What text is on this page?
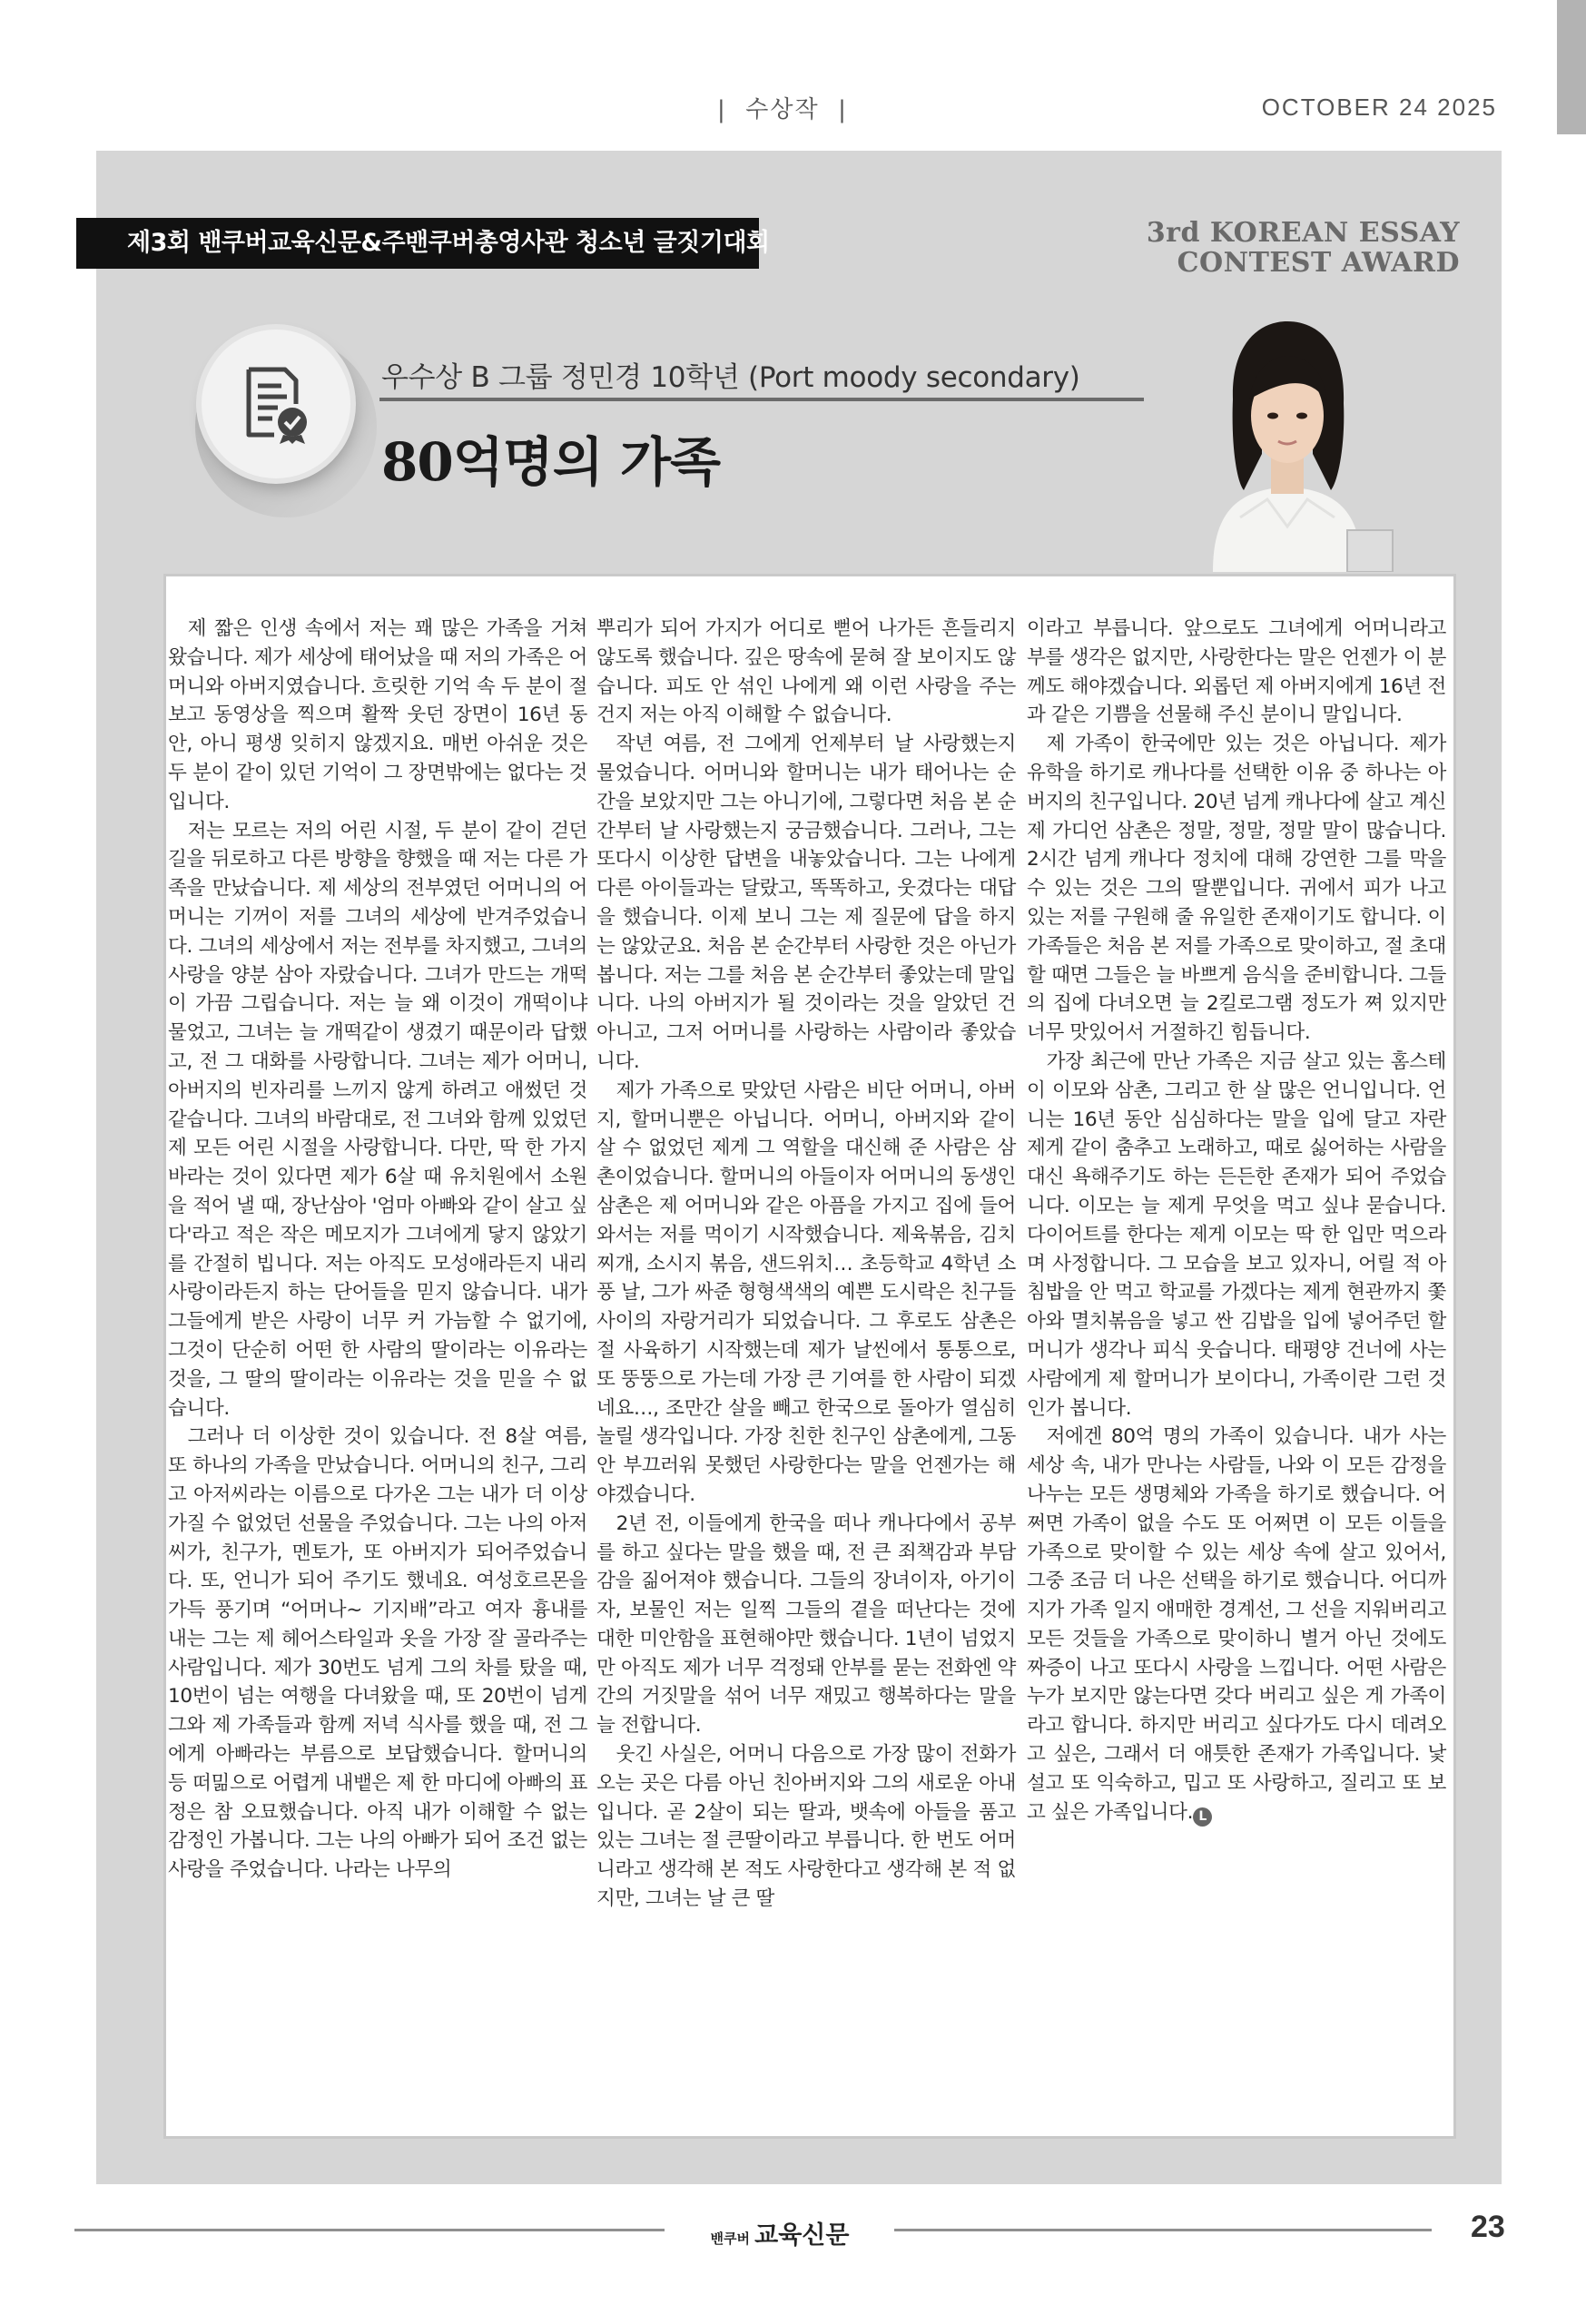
|  수상작  |	OCTOBER 24 2025
제3회 밴쿠버교육신문&주밴쿠버총영사관 청소년 글짓기대회	3rd KOREAN ESSAY
CONTEST AWARD
우수상 B 그룹 정민경 10학년 (Port moody secondary)
80억명의 가족

제 짧은 인생 속에서 저는 꽤 많은 가족을 거쳐왔습니다. 제가 세상에 태어났을 때 저의 가족은 어머니와 아버지였습니다. 흐릿한 기억 속 두 분이 절 보고 동영상을 찍으며 활짝 웃던 장면이 16년 동안, 아니 평생 잊히지 않겠지요. 매번 아쉬운 것은 두 분이 같이 있던 기억이 그 장면밖에는 없다는 것입니다.

저는 모르는 저의 어린 시절, 두 분이 같이 걷던 길을 뒤로하고 다른 방향을 향했을 때 저는 다른 가족을 만났습니다. 제 세상의 전부였던 어머니의 어머니는 기꺼이 저를 그녀의 세상에 반겨주었습니다. 그녀의 세상에서 저는 전부를 차지했고, 그녀의 사랑을 양분 삼아 자랐습니다. 그녀가 만드는 개떡이 가끔 그립습니다. 저는 늘 왜 이것이 개떡이냐 물었고, 그녀는 늘 개떡같이 생겼기 때문이라 답했고, 전 그 대화를 사랑합니다. 그녀는 제가 어머니, 아버지의 빈자리를 느끼지 않게 하려고 애썼던 것 같습니다. 그녀의 바람대로, 전 그녀와 함께 있었던 제 모든 어린 시절을 사랑합니다. 다만, 딱 한 가지 바라는 것이 있다면 제가 6살 때 유치원에서 소원을 적어 낼 때, 장난삼아 '엄마 아빠와 같이 살고 싶다'라고 적은 작은 메모지가 그녀에게 닿지 않았기를 간절히 빕니다. 저는 아직도 모성애라든지 내리사랑이라든지 하는 단어들을 믿지 않습니다. 내가 그들에게 받은 사랑이 너무 커 가늠할 수 없기에, 그것이 단순히 어떤 한 사람의 딸이라는 이유라는 것을, 그 딸의 딸이라는 이유라는 것을 믿을 수 없습니다.

그러나 더 이상한 것이 있습니다. 전 8살 여름, 또 하나의 가족을 만났습니다. 어머니의 친구, 그리고 아저씨라는 이름으로 다가온 그는 내가 더 이상 가질 수 없었던 선물을 주었습니다. 그는 나의 아저씨가, 친구가, 멘토가, 또 아버지가 되어주었습니다. 또, 언니가 되어 주기도 했네요. 여성호르몬을 가득 풍기며 “어머나~ 기지배”라고 여자 흉내를 내는 그는 제 헤어스타일과 옷을 가장 잘 골라주는 사람입니다. 제가 30번도 넘게 그의 차를 탔을 때, 10번이 넘는 여행을 다녀왔을 때, 또 20번이 넘게 그와 제 가족들과 함께 저녁 식사를 했을 때, 전 그에게 아빠라는 부름으로 보답했습니다. 할머니의 등 떠밂으로 어렵게 내뱉은 제 한 마디에 아빠의 표정은 참 오묘했습니다. 아직 내가 이해할 수 없는 감정인 가봅니다. 그는 나의 아빠가 되어 조건 없는 사랑을 주었습니다. 나라는 나무의

뿌리가 되어 가지가 어디로 뻗어 나가든 흔들리지 않도록 했습니다. 깊은 땅속에 묻혀 잘 보이지도 않습니다. 피도 안 섞인 나에게 왜 이런 사랑을 주는 건지 저는 아직 이해할 수 없습니다.

작년 여름, 전 그에게 언제부터 날 사랑했는지 물었습니다. 어머니와 할머니는 내가 태어나는 순간을 보았지만 그는 아니기에, 그렇다면 처음 본 순간부터 날 사랑했는지 궁금했습니다. 그러나, 그는 또다시 이상한 답변을 내놓았습니다. 그는 나에게 다른 아이들과는 달랐고, 똑똑하고, 웃겼다는 대답을 했습니다. 이제 보니 그는 제 질문에 답을 하지는 않았군요. 처음 본 순간부터 사랑한 것은 아닌가 봅니다. 저는 그를 처음 본 순간부터 좋았는데 말입니다. 나의 아버지가 될 것이라는 것을 알았던 건 아니고, 그저 어머니를 사랑하는 사람이라 좋았습니다.

제가 가족으로 맞았던 사람은 비단 어머니, 아버지, 할머니뿐은 아닙니다. 어머니, 아버지와 같이 살 수 없었던 제게 그 역할을 대신해 준 사람은 삼촌이었습니다. 할머니의 아들이자 어머니의 동생인 삼촌은 제 어머니와 같은 아픔을 가지고 집에 들어와서는 저를 먹이기 시작했습니다. 제육볶음, 김치찌개, 소시지 볶음, 샌드위치… 초등학교 4학년 소풍 날, 그가 싸준 형형색색의 예쁜 도시락은 친구들 사이의 자랑거리가 되었습니다. 그 후로도 삼촌은 절 사육하기 시작했는데 제가 날씬에서 통통으로, 또 뚱뚱으로 가는데 가장 큰 기여를 한 사람이 되겠네요…, 조만간 살을 빼고 한국으로 돌아가 열심히 놀릴 생각입니다. 가장 친한 친구인 삼촌에게, 그동안 부끄러워 못했던 사랑한다는 말을 언젠가는 해야겠습니다.

2년 전, 이들에게 한국을 떠나 캐나다에서 공부를 하고 싶다는 말을 했을 때, 전 큰 죄책감과 부담감을 짊어져야 했습니다. 그들의 장녀이자, 아기이자, 보물인 저는 일찍 그들의 곁을 떠난다는 것에 대한 미안함을 표현해야만 했습니다. 1년이 넘었지만 아직도 제가 너무 걱정돼 안부를 묻는 전화엔 약간의 거짓말을 섞어 너무 재밌고 행복하다는 말을 늘 전합니다.

웃긴 사실은, 어머니 다음으로 가장 많이 전화가 오는 곳은 다름 아닌 친아버지와 그의 새로운 아내입니다. 곧 2살이 되는 딸과, 뱃속에 아들을 품고 있는 그녀는 절 큰딸이라고 부릅니다. 한 번도 어머니라고 생각해 본 적도 사랑한다고 생각해 본 적 없지만, 그녀는 날 큰 딸

이라고 부릅니다. 앞으로도 그녀에게 어머니라고 부를 생각은 없지만, 사랑한다는 말은 언젠가 이 분께도 해야겠습니다. 외롭던 제 아버지에게 16년 전과 같은 기쁨을 선물해 주신 분이니 말입니다.

제 가족이 한국에만 있는 것은 아닙니다. 제가 유학을 하기로 캐나다를 선택한 이유 중 하나는 아버지의 친구입니다. 20년 넘게 캐나다에 살고 계신 제 가디언 삼촌은 정말, 정말, 정말 말이 많습니다. 2시간 넘게 캐나다 정치에 대해 강연한 그를 막을 수 있는 것은 그의 딸뿐입니다. 귀에서 피가 나고 있는 저를 구원해 줄 유일한 존재이기도 합니다. 이 가족들은 처음 본 저를 가족으로 맞이하고, 절 초대할 때면 그들은 늘 바쁘게 음식을 준비합니다. 그들의 집에 다녀오면 늘 2킬로그램 정도가 쪄 있지만 너무 맛있어서 거절하긴 힘듭니다.

가장 최근에 만난 가족은 지금 살고 있는 홈스테이 이모와 삼촌, 그리고 한 살 많은 언니입니다. 언니는 16년 동안 심심하다는 말을 입에 달고 자란 제게 같이 춤추고 노래하고, 때로 싫어하는 사람을 대신 욕해주기도 하는 든든한 존재가 되어 주었습니다. 이모는 늘 제게 무엇을 먹고 싶냐 묻습니다. 다이어트를 한다는 제게 이모는 딱 한 입만 먹으라며 사정합니다. 그 모습을 보고 있자니, 어릴 적 아침밥을 안 먹고 학교를 가겠다는 제게 현관까지 쫓아와 멸치볶음을 넣고 싼 김밥을 입에 넣어주던 할머니가 생각나 피식 웃습니다. 태평양 건너에 사는 사람에게 제 할머니가 보이다니, 가족이란 그런 것인가 봅니다.

저에겐 80억 명의 가족이 있습니다. 내가 사는 세상 속, 내가 만나는 사람들, 나와 이 모든 감정을 나누는 모든 생명체와 가족을 하기로 했습니다. 어쩌면 가족이 없을 수도 또 어쩌면 이 모든 이들을 가족으로 맞이할 수 있는 세상 속에 살고 있어서, 그중 조금 더 나은 선택을 하기로 했습니다. 어디까지가 가족 일지 애매한 경계선, 그 선을 지워버리고 모든 것들을 가족으로 맞이하니 별거 아닌 것에도 짜증이 나고 또다시 사랑을 느낍니다. 어떤 사람은 누가 보지만 않는다면 갖다 버리고 싶은 게 가족이라고 합니다. 하지만 버리고 싶다가도 다시 데려오고 싶은, 그래서 더 애틋한 존재가 가족입니다. 낯설고 또 익숙하고, 밉고 또 사랑하고, 질리고 또 보고 싶은 가족입니다. L

밴쿠버 교육신문	23
